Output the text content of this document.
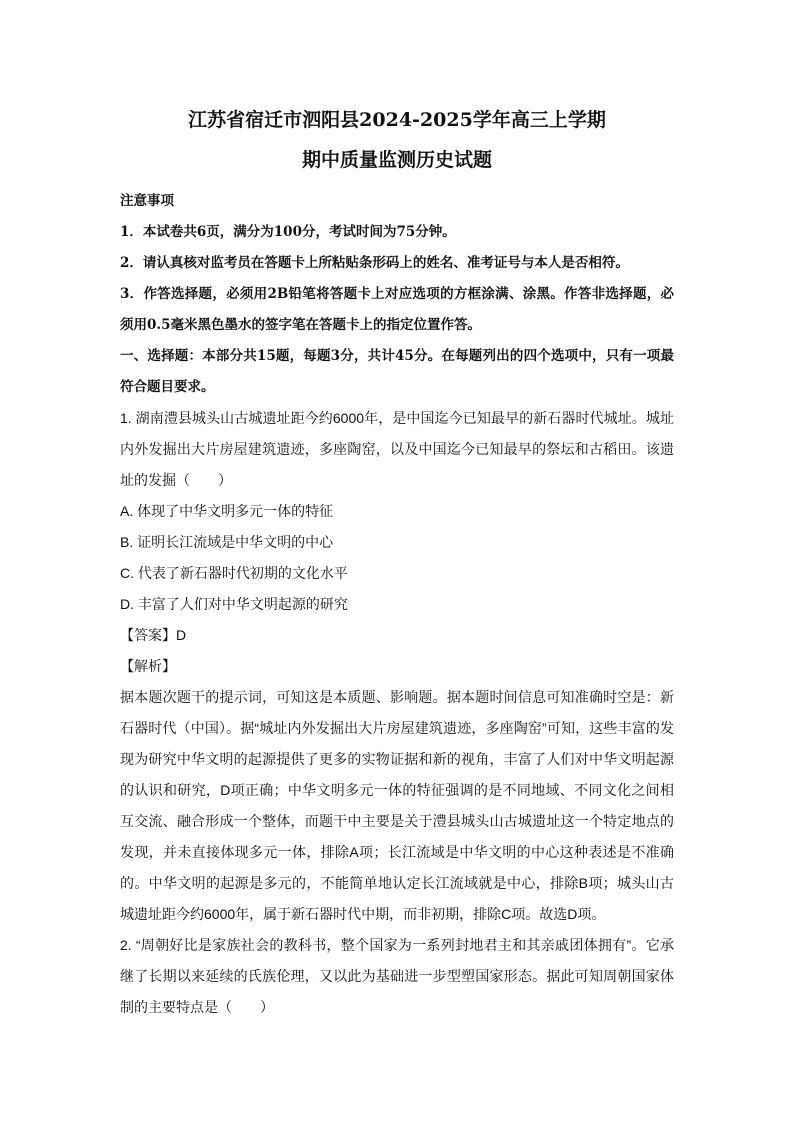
江苏省宿迁市泗阳县2024-2025学年高三上学期

期中质量监测历史试题

注意事项

1．本试卷共6页，满分为100分，考试时间为75分钟。

2．请认真核对监考员在答题卡上所粘贴条形码上的姓名、准考证号与本人是否相符。

3．作答选择题，必须用2B铅笔将答题卡上对应选项的方框涂满、涂黑。作答非选择题，必须用0.5毫米黑色墨水的签字笔在答题卡上的指定位置作答。

一、选择题：本部分共15题，每题3分，共计45分。在每题列出的四个选项中，只有一项最符合题目要求。

1. 湖南澧县城头山古城遗址距今约6000年，是中国迄今已知最早的新石器时代城址。城址内外发掘出大片房屋建筑遗迹，多座陶窑，以及中国迄今已知最早的祭坛和古稻田。该遗址的发掘（　　）

A. 体现了中华文明多元一体的特征

B. 证明长江流域是中华文明的中心

C. 代表了新石器时代初期的文化水平

D. 丰富了人们对中华文明起源的研究

【答案】D

【解析】

据本题次题干的提示词，可知这是本质题、影响题。据本题时间信息可知准确时空是：新石器时代（中国）。据“城址内外发掘出大片房屋建筑遗迹，多座陶窑”可知，这些丰富的发现为研究中华文明的起源提供了更多的实物证据和新的视角，丰富了人们对中华文明起源的认识和研究，D项正确；中华文明多元一体的特征强调的是不同地域、不同文化之间相互交流、融合形成一个整体，而题干中主要是关于澧县城头山古城遗址这一个特定地点的发现，并未直接体现多元一体，排除A项；长江流域是中华文明的中心这种表述是不准确的。中华文明的起源是多元的，不能简单地认定长江流域就是中心，排除B项；城头山古城遗址距今约6000年，属于新石器时代中期，而非初期，排除C项。故选D项。

2. “周朝好比是家族社会的教科书，整个国家为一系列封地君主和其亲戚团体拥有”。它承继了长期以来延续的氏族伦理，又以此为基础进一步型塑国家形态。据此可知周朝国家体制的主要特点是（　　）
